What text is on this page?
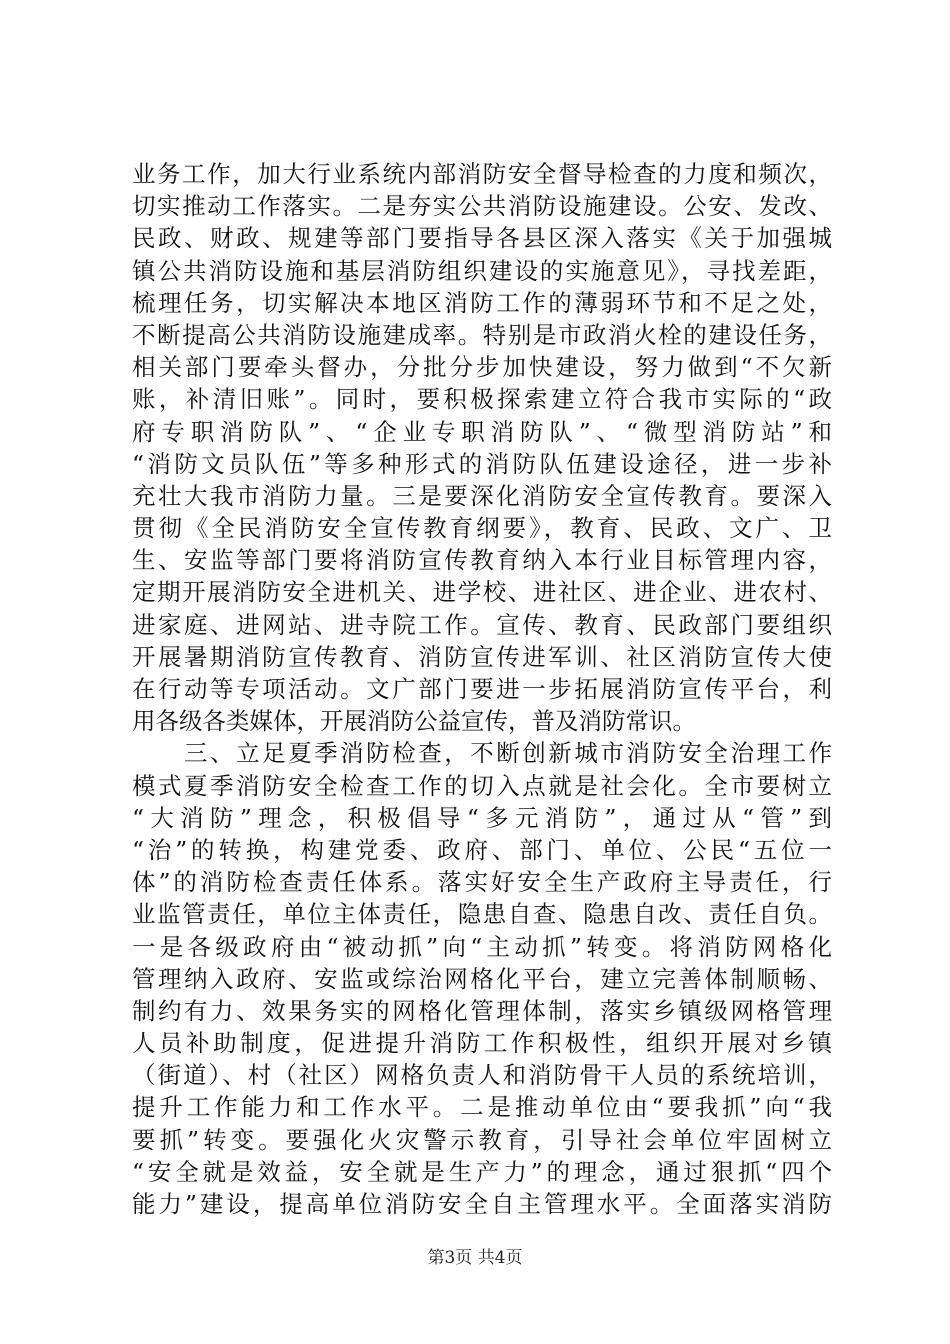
业务工作，加大行业系统内部消防安全督导检查的力度和频次，
切实推动工作落实。二是夯实公共消防设施建设。公安、发改、
民政、财政、规建等部门要指导各县区深入落实《关于加强城
镇公共消防设施和基层消防组织建设的实施意见》，寻找差距，
梳理任务，切实解决本地区消防工作的薄弱环节和不足之处，
不断提高公共消防设施建成率。特别是市政消火栓的建设任务，
相关部门要牵头督办，分批分步加快建设，努力做到“不欠新
账，补清旧账”。同时，要积极探索建立符合我市实际的“政
府专职消防队”、“企业专职消防队”、“微型消防站”和
“消防文员队伍”等多种形式的消防队伍建设途径，进一步补
充壮大我市消防力量。三是要深化消防安全宣传教育。要深入
贯彻《全民消防安全宣传教育纲要》，教育、民政、文广、卫
生、安监等部门要将消防宣传教育纳入本行业目标管理内容，
定期开展消防安全进机关、进学校、进社区、进企业、进农村、
进家庭、进网站、进寺院工作。宣传、教育、民政部门要组织
开展暑期消防宣传教育、消防宣传进军训、社区消防宣传大使
在行动等专项活动。文广部门要进一步拓展消防宣传平台，利
用各级各类媒体，开展消防公益宣传，普及消防常识。
　　三、立足夏季消防检查，不断创新城市消防安全治理工作
模式夏季消防安全检查工作的切入点就是社会化。全市要树立
“大消防”理念，积极倡导“多元消防”，通过从“管”到
“治”的转换，构建党委、政府、部门、单位、公民“五位一
体”的消防检查责任体系。落实好安全生产政府主导责任，行
业监管责任，单位主体责任，隐患自查、隐患自改、责任自负。
一是各级政府由“被动抓”向“主动抓”转变。将消防网格化
管理纳入政府、安监或综治网格化平台，建立完善体制顺畅、
制约有力、效果务实的网格化管理体制，落实乡镇级网格管理
人员补助制度，促进提升消防工作积极性，组织开展对乡镇
（街道）、村（社区）网格负责人和消防骨干人员的系统培训，
提升工作能力和工作水平。二是推动单位由“要我抓”向“我
要抓”转变。要强化火灾警示教育，引导社会单位牢固树立
“安全就是效益，安全就是生产力”的理念，通过狠抓“四个
能力”建设，提高单位消防安全自主管理水平。全面落实消防
第3页 共4页
